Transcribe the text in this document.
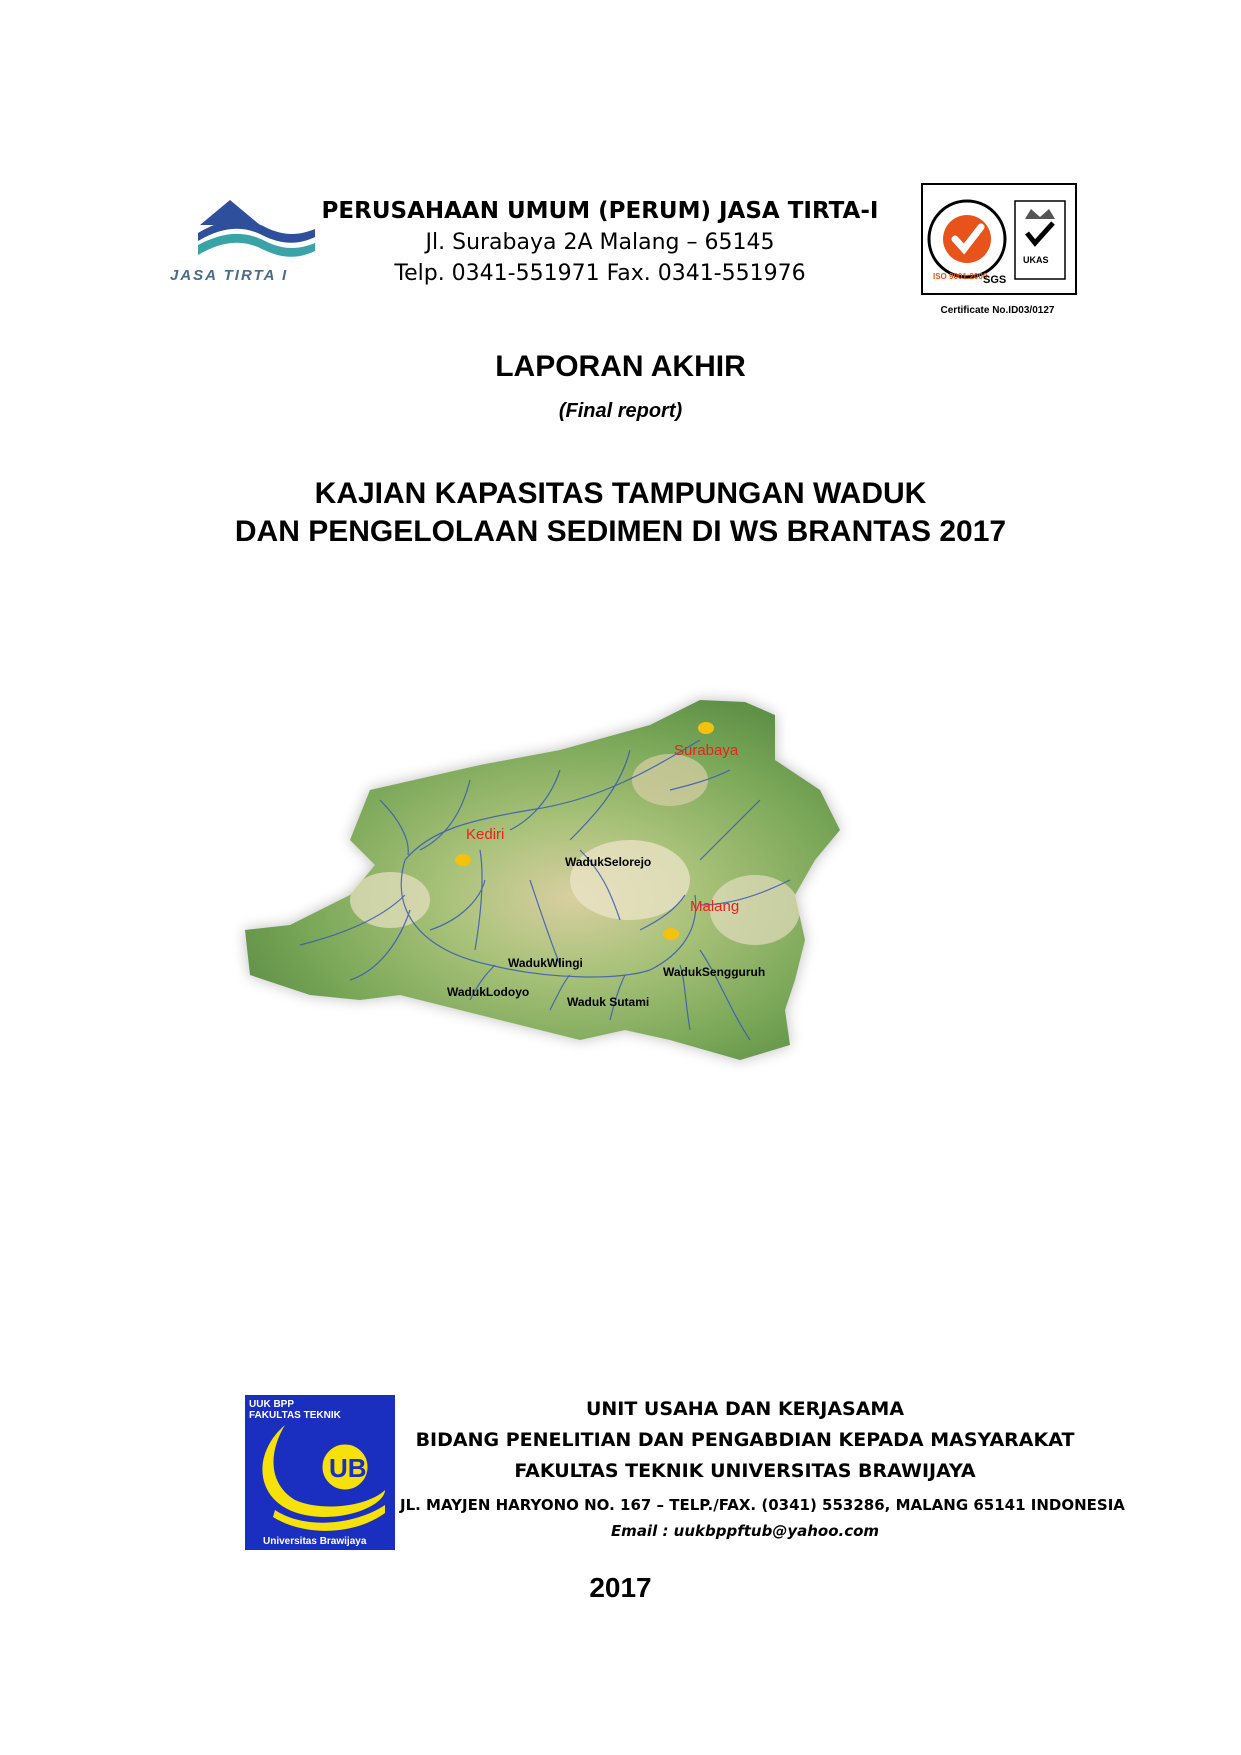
JASA TIRTA I
PERUSAHAAN UMUM (PERUM) JASA TIRTA-I
Jl. Surabaya 2A Malang – 65145
Telp. 0341-551971 Fax. 0341-551976	ISO 9001:2000
SGS
UKAS
Certificate No.ID03/0127
LAPORAN AKHIR
(Final report)
KAJIAN KAPASITAS TAMPUNGAN WADUK
DAN PENGELOLAAN SEDIMEN DI WS BRANTAS 2017
Surabaya
Kediri
Malang
WadukSelorejo
WadukWlingi
WadukSengguruh
WadukLodoyo
Waduk Sutami
UUK BPP
FAKULTAS TEKNIK
UB
Universitas Brawijaya
UNIT USAHA DAN KERJASAMA
BIDANG PENELITIAN DAN PENGABDIAN KEPADA MASYARAKAT
FAKULTAS TEKNIK UNIVERSITAS BRAWIJAYA
JL. MAYJEN HARYONO NO. 167 – TELP./FAX. (0341) 553286, MALANG 65141 INDONESIA
Email : uukbppftub@yahoo.com
2017
